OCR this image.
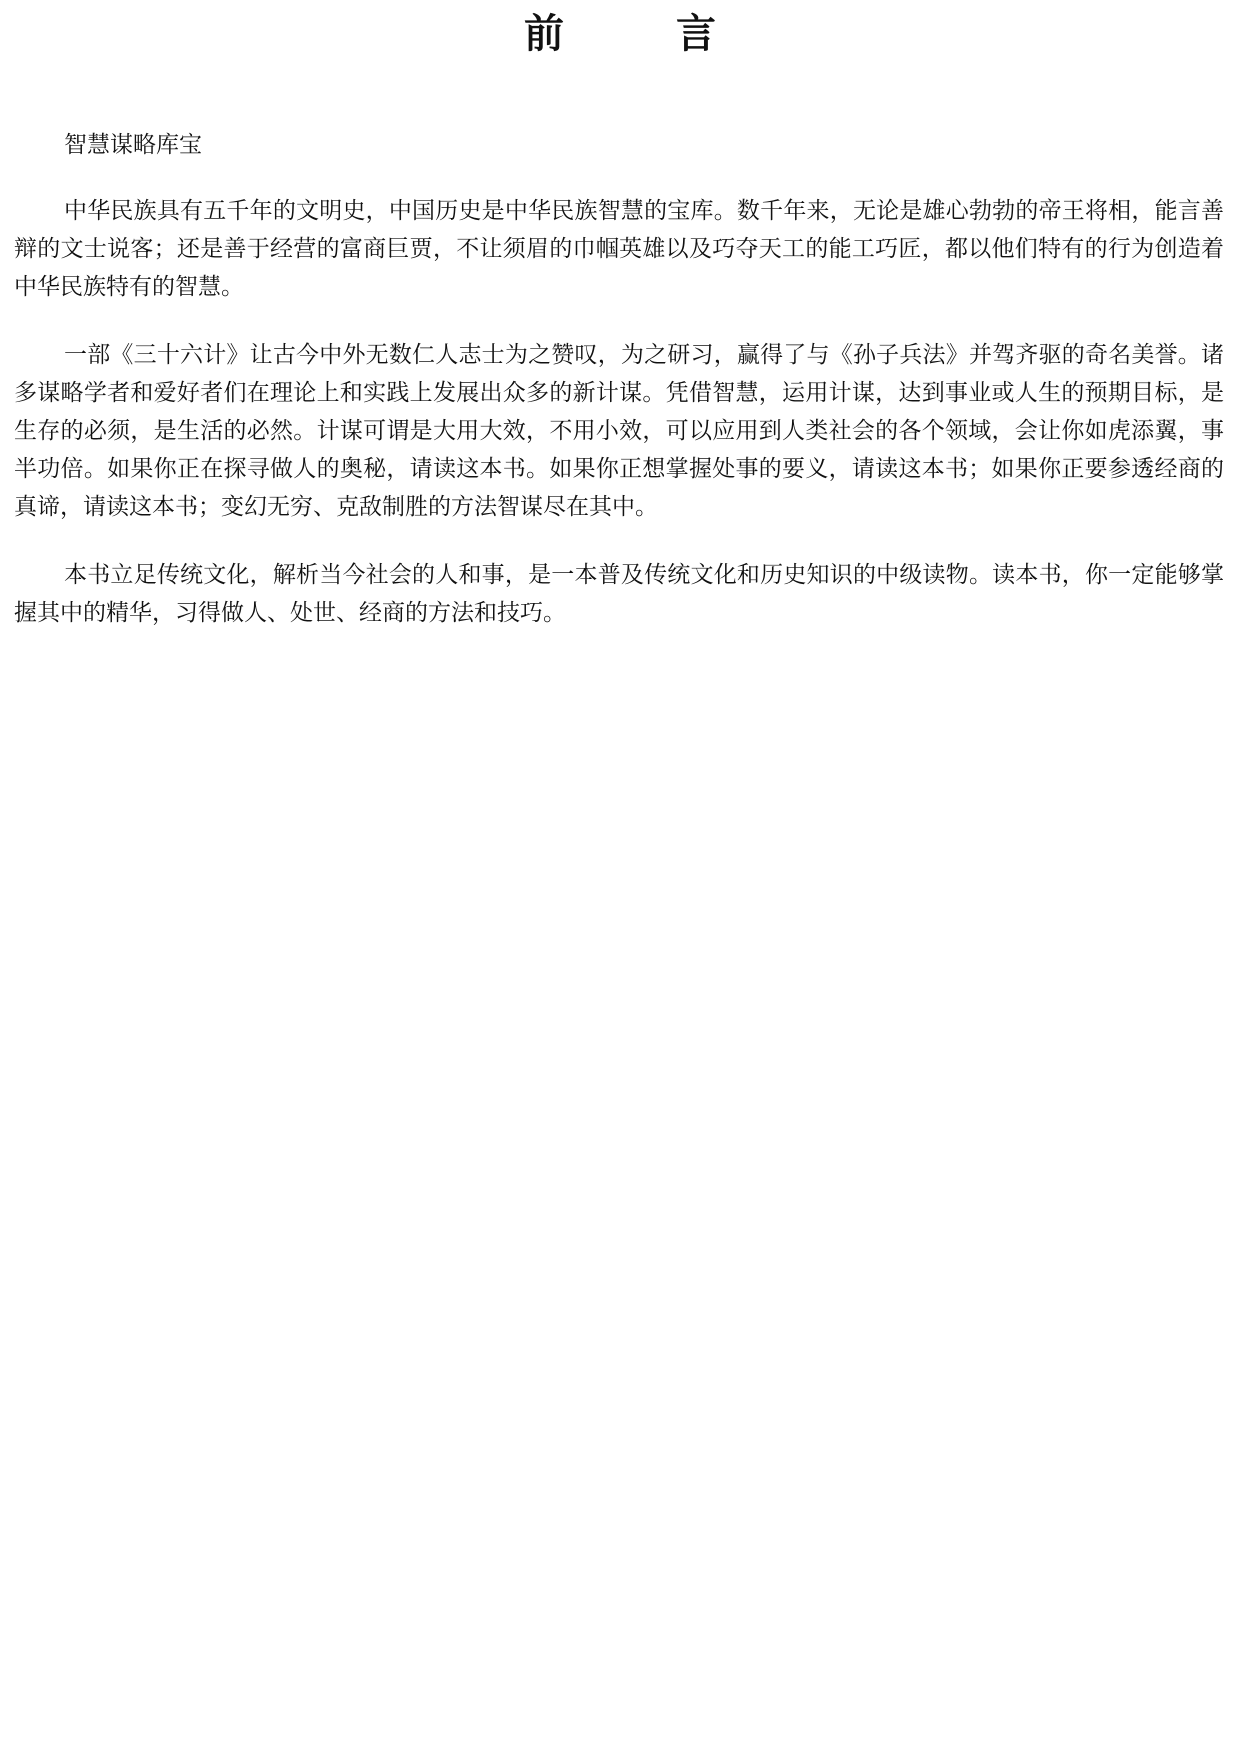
前　言

智慧谋略库宝

中华民族具有五千年的文明史，中国历史是中华民族智慧的宝库。数千年来，无论是雄心勃勃的帝王将相，能言善辩的文士说客；还是善于经营的富商巨贾，不让须眉的巾帼英雄以及巧夺天工的能工巧匠，都以他们特有的行为创造着中华民族特有的智慧。

一部《三十六计》让古今中外无数仁人志士为之赞叹，为之研习，赢得了与《孙子兵法》并驾齐驱的奇名美誉。诸多谋略学者和爱好者们在理论上和实践上发展出众多的新计谋。凭借智慧，运用计谋，达到事业或人生的预期目标，是生存的必须，是生活的必然。计谋可谓是大用大效，不用小效，可以应用到人类社会的各个领域，会让你如虎添翼，事半功倍。如果你正在探寻做人的奥秘，请读这本书。如果你正想掌握处事的要义，请读这本书；如果你正要参透经商的真谛，请读这本书；变幻无穷、克敌制胜的方法智谋尽在其中。

本书立足传统文化，解析当今社会的人和事，是一本普及传统文化和历史知识的中级读物。读本书，你一定能够掌握其中的精华，习得做人、处世、经商的方法和技巧。
